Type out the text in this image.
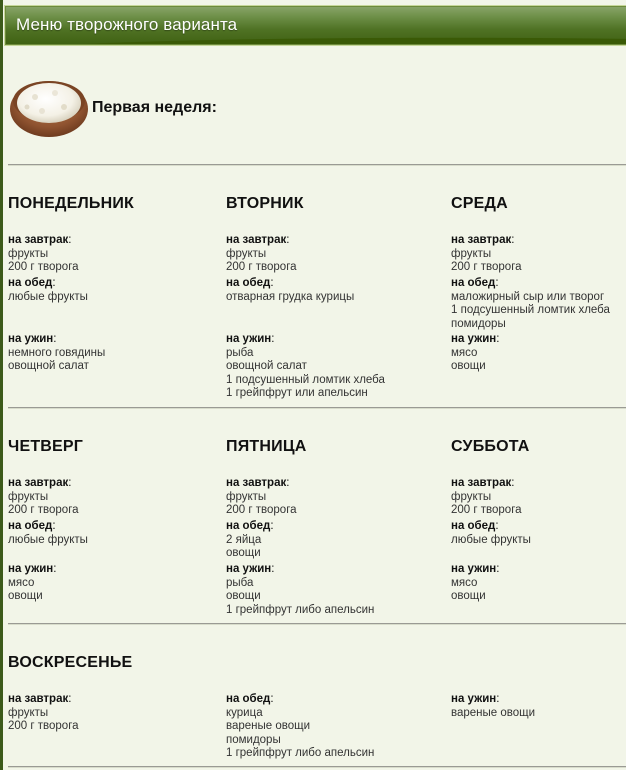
Меню творожного варианта
Первая неделя:
ПОНЕДЕЛЬНИК
на завтрак:
фрукты
200 г творога
на обед:
любые фрукты
на ужин:
немного говядины
овощной салат
ВТОРНИК
на завтрак:
фрукты
200 г творога
на обед:
отварная грудка курицы
на ужин:
рыба
овощной салат
1 подсушенный ломтик хлеба
1 грейпфрут или апельсин
СРЕДА
на завтрак:
фрукты
200 г творога
на обед:
маложирный сыр или творог
1 подсушенный ломтик хлеба
помидоры
на ужин:
мясо
овощи
ЧЕТВЕРГ
на завтрак:
фрукты
200 г творога
на обед:
любые фрукты
на ужин:
мясо
овощи
ПЯТНИЦА
на завтрак:
фрукты
200 г творога
на обед:
2 яйца
овощи
на ужин:
рыба
овощи
1 грейпфрут либо апельсин
СУББОТА
на завтрак:
фрукты
200 г творога
на обед:
любые фрукты
на ужин:
мясо
овощи
ВОСКРЕСЕНЬЕ
на завтрак:
фрукты
200 г творога
на обед:
курица
вареные овощи
помидоры
1 грейпфрут либо апельсин
на ужин:
вареные овощи
